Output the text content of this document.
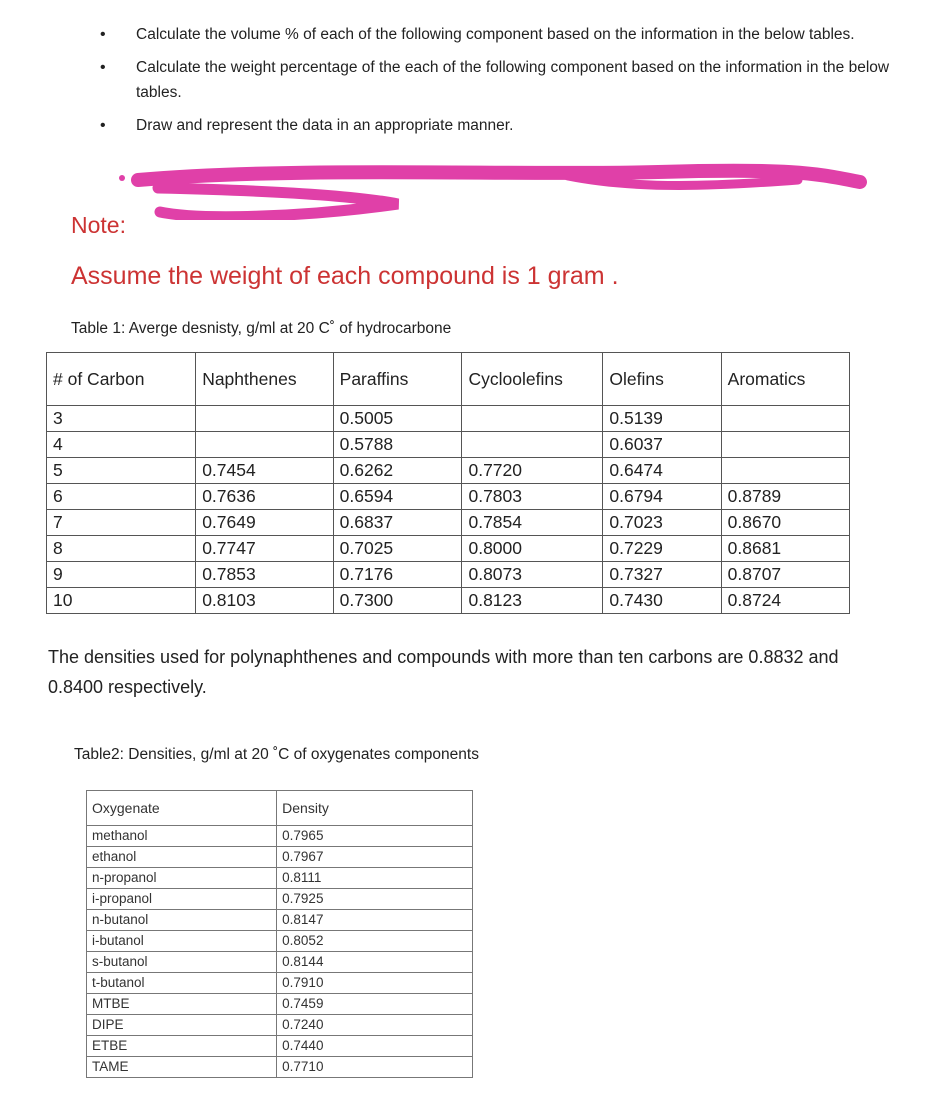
• Calculate the volume % of each of the following component based on the information in the below tables.
• Calculate the weight percentage of the each of the following component based on the information in the below tables.
• Draw and represent the data in an appropriate manner.
Note:
Assume the weight of each compound is 1 gram .
Table 1: Averge desnisty, g/ml at 20 C˚ of hydrocarbone
# of Carbon	Naphthenes	Paraffins	Cycloolefins	Olefins	Aromatics
3		0.5005		0.5139	
4		0.5788		0.6037	
5	0.7454	0.6262	0.7720	0.6474	
6	0.7636	0.6594	0.7803	0.6794	0.8789
7	0.7649	0.6837	0.7854	0.7023	0.8670
8	0.7747	0.7025	0.8000	0.7229	0.8681
9	0.7853	0.7176	0.8073	0.7327	0.8707
10	0.8103	0.7300	0.8123	0.7430	0.8724
The densities used for polynaphthenes and compounds with more than ten carbons are 0.8832 and 0.8400 respectively.
Table2: Densities, g/ml at 20 ˚C of oxygenates components
Oxygenate	Density
methanol	0.7965
ethanol	0.7967
n-propanol	0.8111
i-propanol	0.7925
n-butanol	0.8147
i-butanol	0.8052
s-butanol	0.8144
t-butanol	0.7910
MTBE	0.7459
DIPE	0.7240
ETBE	0.7440
TAME	0.7710
